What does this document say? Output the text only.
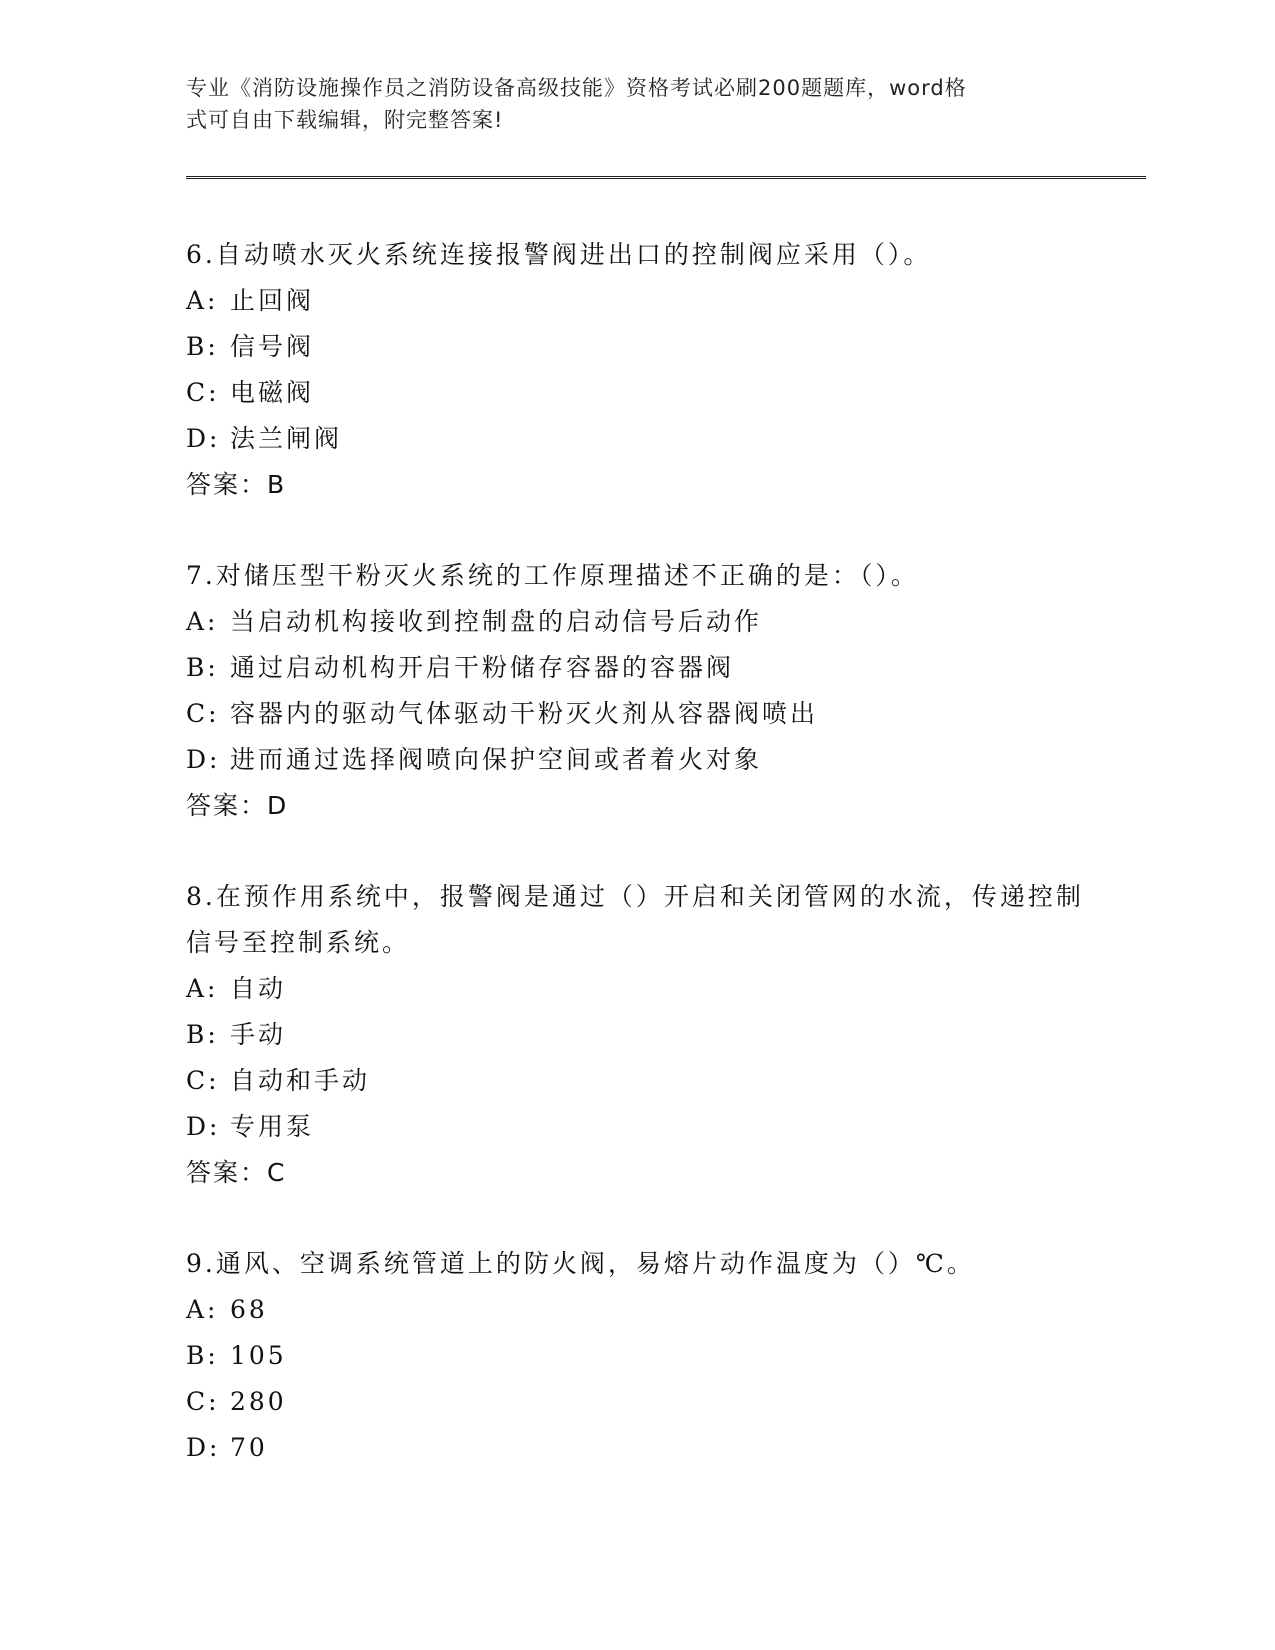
专业《消防设施操作员之消防设备高级技能》资格考试必刷200题题库，word格
式可自由下载编辑，附完整答案!

6.自动喷水灭火系统连接报警阀进出口的控制阀应采用（）。

A: 止回阀

B: 信号阀

C: 电磁阀

D: 法兰闸阀

答案：B

7.对储压型干粉灭火系统的工作原理描述不正确的是：（）。

A: 当启动机构接收到控制盘的启动信号后动作

B: 通过启动机构开启干粉储存容器的容器阀

C: 容器内的驱动气体驱动干粉灭火剂从容器阀喷出

D: 进而通过选择阀喷向保护空间或者着火对象

答案：D

8.在预作用系统中，报警阀是通过（）开启和关闭管网的水流，传递控制信号至控制系统。

A: 自动

B: 手动

C: 自动和手动

D: 专用泵

答案：C

9.通风、空调系统管道上的防火阀，易熔片动作温度为（）℃。

A: 68

B: 105

C: 280

D: 70
